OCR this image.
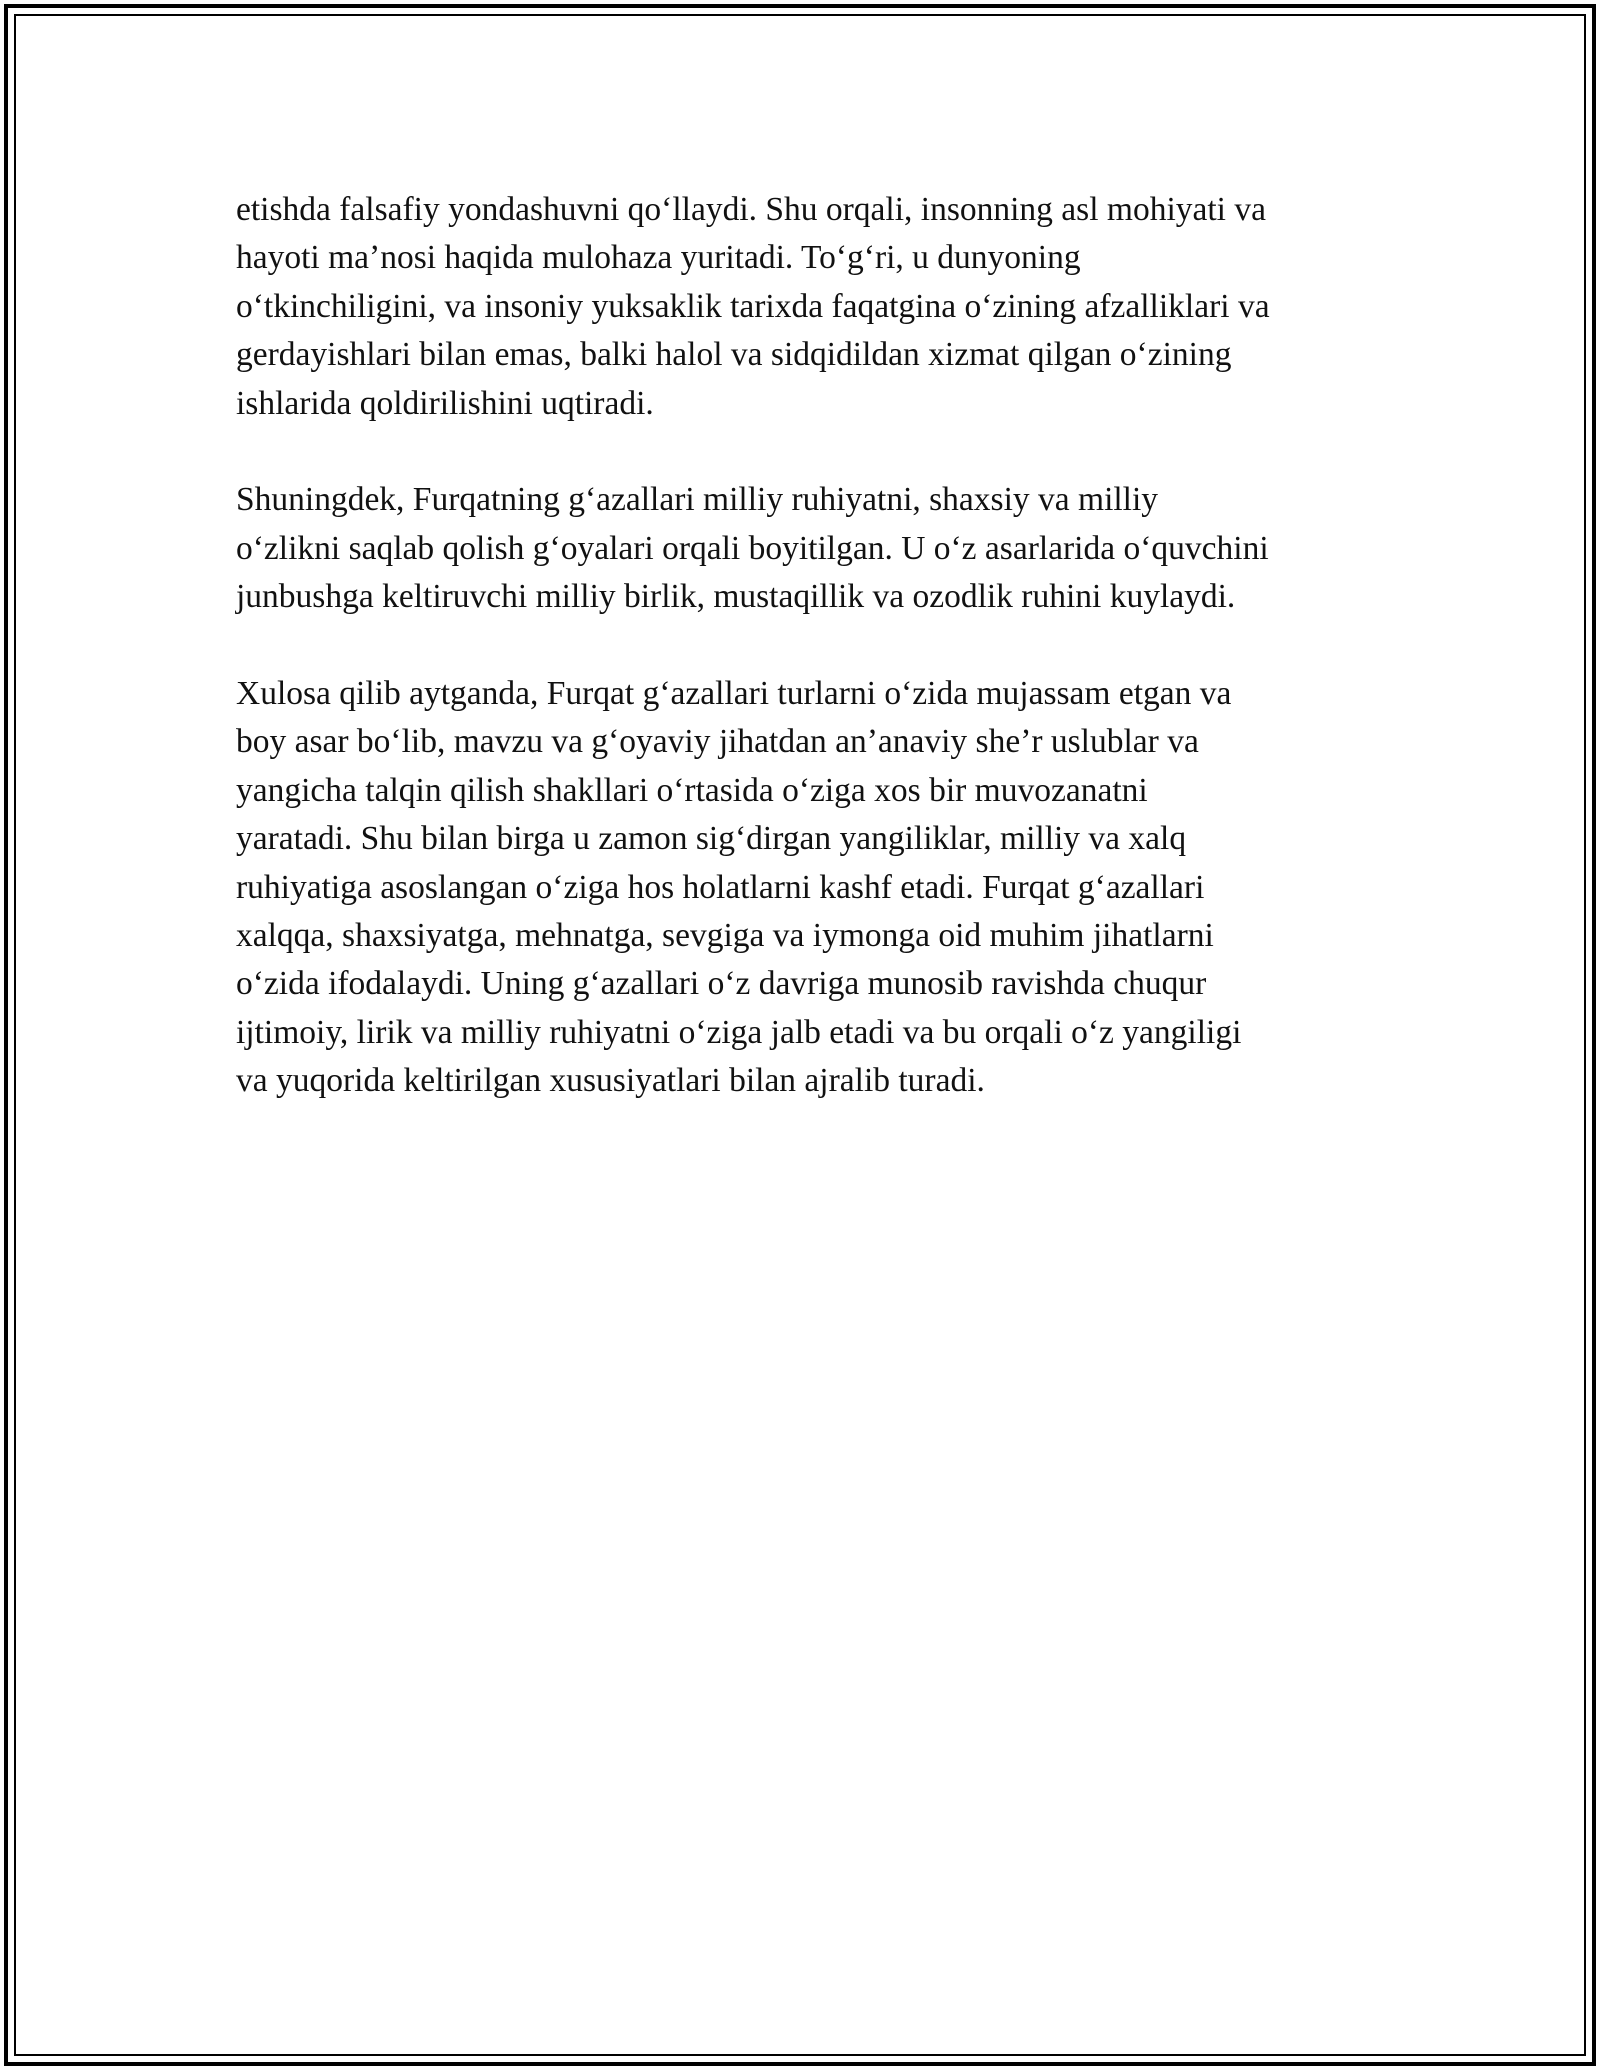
etishda falsafiy yondashuvni qoʻllaydi. Shu orqali, insonning asl mohiyati va
hayoti maʼnosi haqida mulohaza yuritadi. Toʻgʻri, u dunyoning
oʻtkinchiligini, va insoniy yuksaklik tarixda faqatgina oʻzining afzalliklari va
gerdayishlari bilan emas, balki halol va sidqidildan xizmat qilgan oʻzining
ishlarida qoldirilishini uqtiradi.

Shuningdek, Furqatning gʻazallari milliy ruhiyatni, shaxsiy va milliy
oʻzlikni saqlab qolish gʻoyalari orqali boyitilgan. U oʻz asarlarida oʻquvchini
junbushga keltiruvchi milliy birlik, mustaqillik va ozodlik ruhini kuylaydi.

Xulosa qilib aytganda, Furqat gʻazallari turlarni oʻzida mujassam etgan va
boy asar boʻlib, mavzu va gʻoyaviy jihatdan anʼanaviy sheʼr uslublar va
yangicha talqin qilish shakllari oʻrtasida oʻziga xos bir muvozanatni
yaratadi. Shu bilan birga u zamon sigʻdirgan yangiliklar, milliy va xalq
ruhiyatiga asoslangan oʻziga hos holatlarni kashf etadi. Furqat gʻazallari
xalqqa, shaxsiyatga, mehnatga, sevgiga va iymonga oid muhim jihatlarni
oʻzida ifodalaydi. Uning gʻazallari oʻz davriga munosib ravishda chuqur
ijtimoiy, lirik va milliy ruhiyatni oʻziga jalb etadi va bu orqali oʻz yangiligi
va yuqorida keltirilgan xususiyatlari bilan ajralib turadi.
